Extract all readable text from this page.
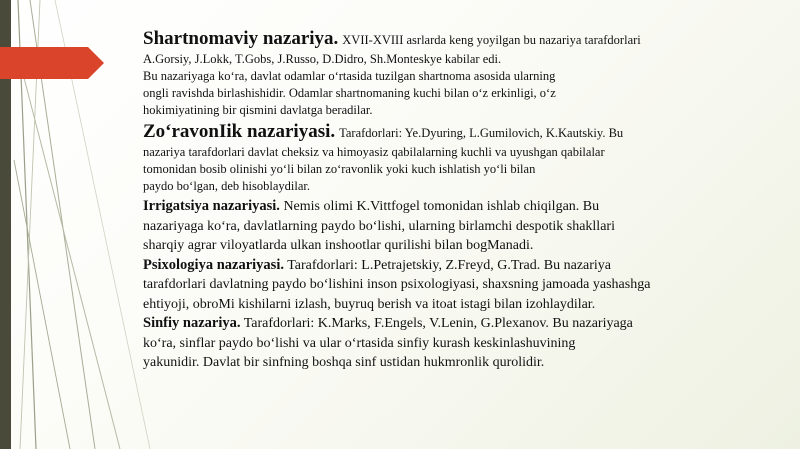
Shartnomaviy nazariya. XVII-XVIII asrlarda keng yoyilgan bu nazariya tarafdorlari

A.Gorsiy, J.Lokk, T.Gobs, J.Russo, D.Didro, Sh.Monteskye kabilar edi.
Bu nazariyaga ko‘ra, davlat odamlar o‘rtasida tuzilgan shartnoma asosida ularning
ongli ravishda birlashishidir. Odamlar shartnomaning kuchi bilan o‘z erkinligi, o‘z
hokimiyatining bir qismini davlatga beradilar.

Zo‘ravonIik nazariyasi. Tarafdorlari: Ye.Dyuring, L.Gumilovich, K.Kautskiy. Bu

nazariya tarafdorlari davlat cheksiz va himoyasiz qabilalarning kuchli va uyushgan qabilalar
tomonidan bosib olinishi yo‘li bilan zo‘ravonlik yoki kuch ishlatish yo‘li bilan
paydo bo‘lgan, deb hisoblaydilar.

Irrigatsiya nazariyasi. Nemis olimi K.Vittfogel tomonidan ishlab chiqilgan. Bu
nazariyaga ko‘ra, davlatlarning paydo bo‘lishi, ularning birlamchi despotik shakllari
sharqiy agrar viloyatlarda ulkan inshootlar qurilishi bilan bogManadi.

Psixologiya nazariyasi. Tarafdorlari: L.Petrajetskiy, Z.Freyd, G.Trad. Bu nazariya
tarafdorlari davlatning paydo bo‘lishini inson psixologiyasi, shaxsning jamoada yashashga
ehtiyoji, obroMi kishilarni izlash, buyruq berish va itoat istagi bilan izohlaydilar.

Sinfiy nazariya. Tarafdorlari: K.Marks, F.Engels, V.Lenin, G.Plexanov. Bu nazariyaga
ko‘ra, sinflar paydo bo‘lishi va ular o‘rtasida sinfiy kurash keskinlashuvining
yakunidir. Davlat bir sinfning boshqa sinf ustidan hukmronlik qurolidir.
